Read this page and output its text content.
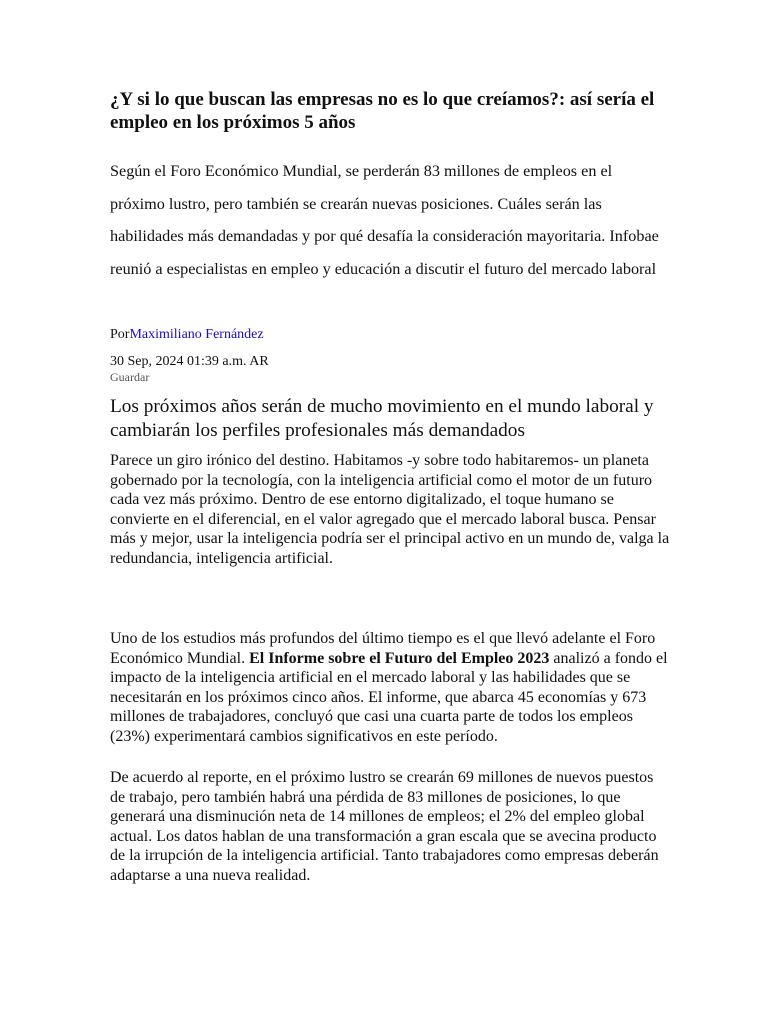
¿Y si lo que buscan las empresas no es lo que creíamos?: así sería el empleo en los próximos 5 años

Según el Foro Económico Mundial, se perderán 83 millones de empleos en el próximo lustro, pero también se crearán nuevas posiciones. Cuáles serán las habilidades más demandadas y por qué desafía la consideración mayoritaria. Infobae reunió a especialistas en empleo y educación a discutir el futuro del mercado laboral

PorMaximiliano Fernández
30 Sep, 2024 01:39 a.m. AR
Guardar
Los próximos años serán de mucho movimiento en el mundo laboral y cambiarán los perfiles profesionales más demandados

Parece un giro irónico del destino. Habitamos -y sobre todo habitaremos- un planeta gobernado por la tecnología, con la inteligencia artificial como el motor de un futuro cada vez más próximo. Dentro de ese entorno digitalizado, el toque humano se convierte en el diferencial, en el valor agregado que el mercado laboral busca. Pensar más y mejor, usar la inteligencia podría ser el principal activo en un mundo de, valga la redundancia, inteligencia artificial.

Uno de los estudios más profundos del último tiempo es el que llevó adelante el Foro Económico Mundial. El Informe sobre el Futuro del Empleo 2023 analizó a fondo el impacto de la inteligencia artificial en el mercado laboral y las habilidades que se necesitarán en los próximos cinco años. El informe, que abarca 45 economías y 673 millones de trabajadores, concluyó que casi una cuarta parte de todos los empleos (23%) experimentará cambios significativos en este período.

De acuerdo al reporte, en el próximo lustro se crearán 69 millones de nuevos puestos de trabajo, pero también habrá una pérdida de 83 millones de posiciones, lo que generará una disminución neta de 14 millones de empleos; el 2% del empleo global actual. Los datos hablan de una transformación a gran escala que se avecina producto de la irrupción de la inteligencia artificial. Tanto trabajadores como empresas deberán adaptarse a una nueva realidad.
